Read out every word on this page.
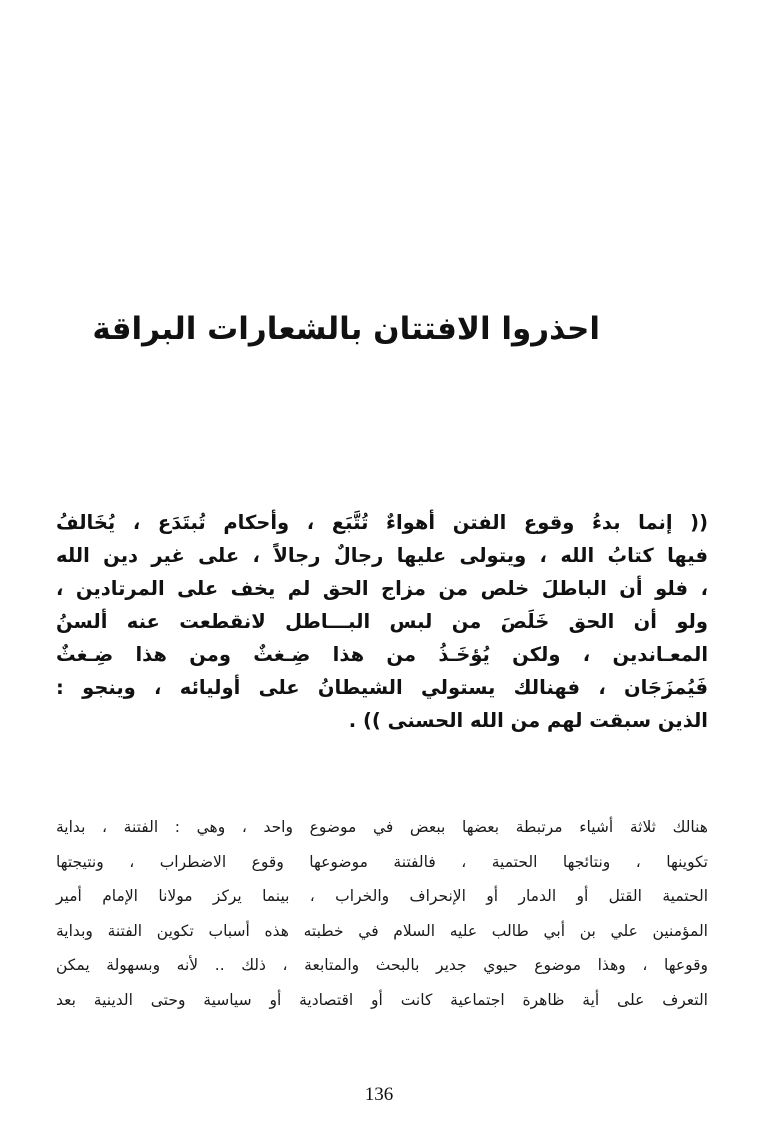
احذروا الافتتان بالشعارات البراقة
(( إنما بدءُ وقوع الفتن أهواءٌ تُتَّبَع ، وأحكام تُبتَدَع ، يُخَالفُ
فيها كتابُ الله ، ويتولى عليها رجالٌ رجالاً ، على غير دين الله
، فلو أن الباطلَ خلص من مزاج الحق لم يخف على المرتادين ،
ولو أن الحق خَلَصَ من لبس البـــاطل لانقطعت عنه ألسنُ
المعـاندين ، ولكن يُؤخَـذُ من هذا ضِـغثٌ ومن هذا ضِـغثٌ
فَيُمزَجَان ، فهنالك يستولي الشيطانُ على أوليائه ، وينجو :
الذين سبقت لهم من الله الحسنى )) .
هنالك ثلاثة أشياء مرتبطة بعضها ببعض في موضوع واحد ، وهي : الفتنة ، بداية
تكوينها ، ونتائجها الحتمية ، فالفتنة موضوعها وقوع الاضطراب ، ونتيجتها
الحتمية القتل أو الدمار أو الإنحراف والخراب ، بينما يركز مولانا الإمام أمير
المؤمنين علي بن أبي طالب عليه السلام في خطبته هذه أسباب تكوين الفتنة وبداية
وقوعها ، وهذا موضوع حيوي جدير بالبحث والمتابعة ، ذلك .. لأنه وبسهولة يمكن
التعرف على أية ظاهرة اجتماعية كانت أو اقتصادية أو سياسية وحتى الدينية بعد
136
